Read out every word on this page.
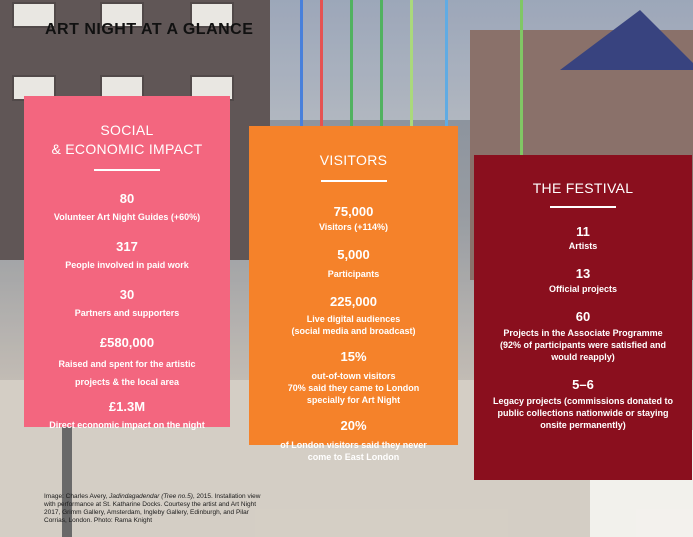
ART NIGHT AT A GLANCE
SOCIAL
& ECONOMIC IMPACT
80
Volunteer Art Night Guides (+60%)
317
People involved in paid work
30
Partners and supporters
£580,000
Raised and spent for the artistic
projects & the local area
£1.3M
Direct economic impact on the night
VISITORS
75,000
Visitors (+114%)
5,000
Participants
225,000
Live digital audiences
(social media and broadcast)
15%
out-of-town visitors
70% said they came to London
specially for Art Night
20%
of London visitors said they never
come to East London
THE FESTIVAL
11
Artists
13
Official projects
60
Projects in the Associate Programme
(92% of participants were satisfied and
would reapply)
5–6
Legacy projects (commissions donated to
public collections nationwide or staying
onsite permanently)

Image: Charles Avery, Jadindagadendar (Tree no.5), 2015. Installation view
with performance at St. Katharine Docks. Courtesy the artist and Art Night
2017, Grimm Gallery, Amsterdam, Ingleby Gallery, Edinburgh, and Pilar
Corrias, London. Photo: Rama Knight
